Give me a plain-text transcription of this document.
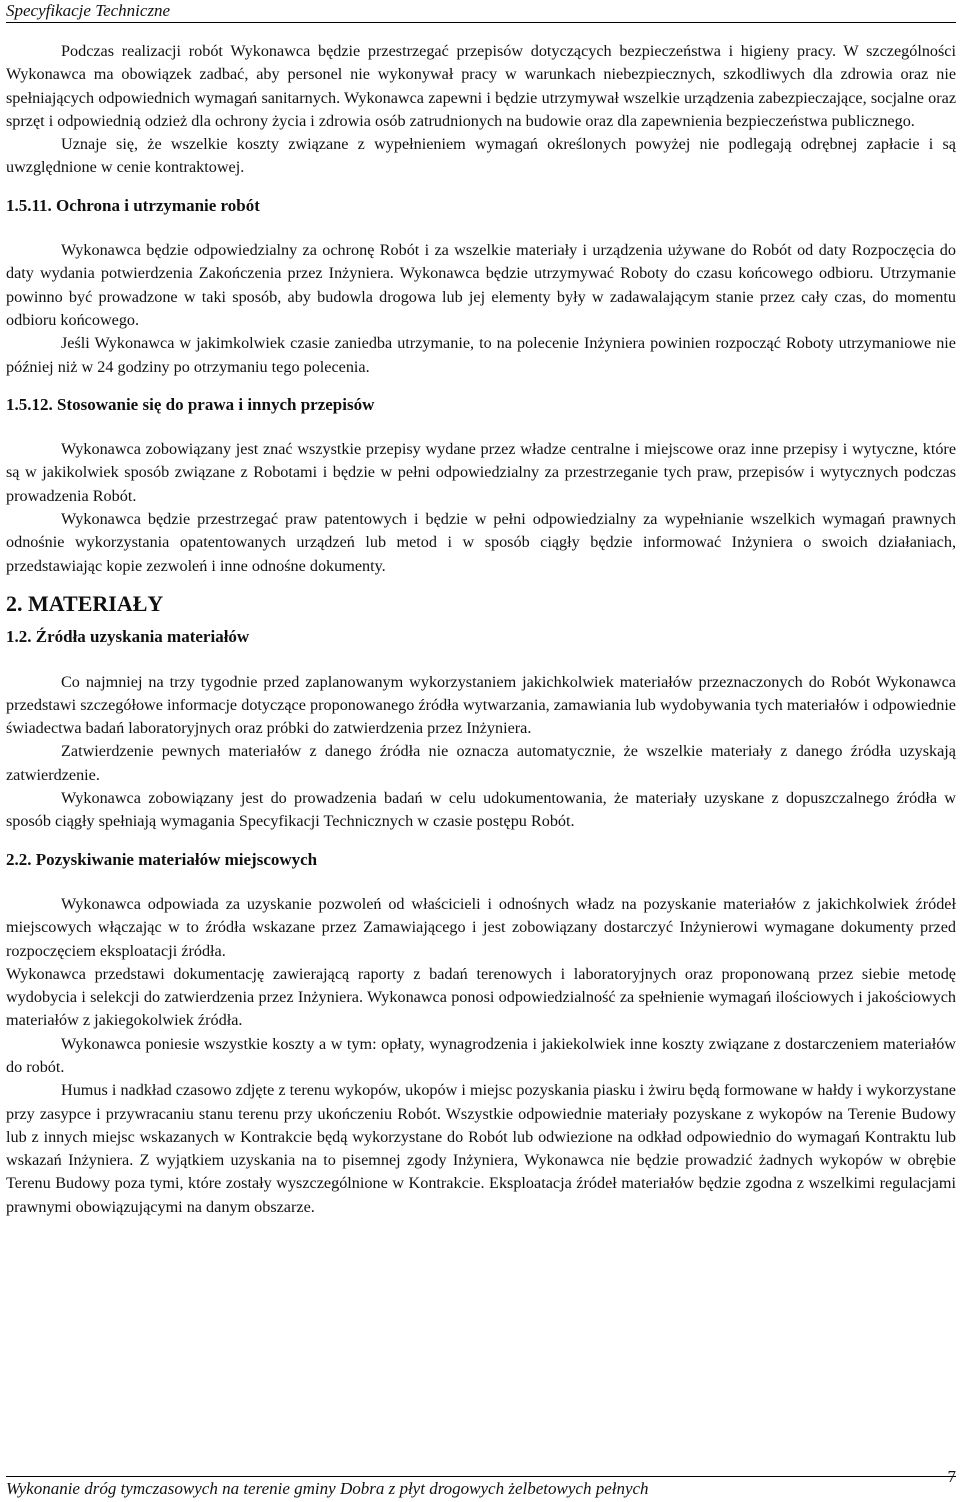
Specyfikacje Techniczne

Podczas realizacji robót Wykonawca będzie przestrzegać przepisów dotyczących bezpieczeństwa i higieny pracy. W szczególności Wykonawca ma obowiązek zadbać, aby personel nie wykonywał pracy w warunkach niebezpiecznych, szkodliwych dla zdrowia oraz nie spełniających odpowiednich wymagań sanitarnych. Wykonawca zapewni i będzie utrzymywał wszelkie urządzenia zabezpieczające, socjalne oraz sprzęt i odpowiednią odzież dla ochrony życia i zdrowia osób zatrudnionych na budowie oraz dla zapewnienia bezpieczeństwa publicznego.

Uznaje się, że wszelkie koszty związane z wypełnieniem wymagań określonych powyżej nie podlegają odrębnej zapłacie i są uwzględnione w cenie kontraktowej.

1.5.11. Ochrona i utrzymanie robót

Wykonawca będzie odpowiedzialny za ochronę Robót i za wszelkie materiały i urządzenia używane do Robót od daty Rozpoczęcia do daty wydania potwierdzenia Zakończenia przez Inżyniera. Wykonawca będzie utrzymywać Roboty do czasu końcowego odbioru. Utrzymanie powinno być prowadzone w taki sposób, aby budowla drogowa lub jej elementy były w zadawalającym stanie przez cały czas, do momentu odbioru końcowego.

Jeśli Wykonawca w jakimkolwiek czasie zaniedba utrzymanie, to na polecenie Inżyniera powinien rozpocząć Roboty utrzymaniowe nie później niż w 24 godziny po otrzymaniu tego polecenia.

1.5.12. Stosowanie się do prawa i innych przepisów

Wykonawca zobowiązany jest znać wszystkie przepisy wydane przez władze centralne i miejscowe oraz inne przepisy i wytyczne, które są w jakikolwiek sposób związane z Robotami i będzie w pełni odpowiedzialny za przestrzeganie tych praw, przepisów i wytycznych podczas prowadzenia Robót.

Wykonawca będzie przestrzegać praw patentowych i będzie w pełni odpowiedzialny za wypełnianie wszelkich wymagań prawnych odnośnie wykorzystania opatentowanych urządzeń lub metod i w sposób ciągły będzie informować Inżyniera o swoich działaniach, przedstawiając kopie zezwoleń i inne odnośne dokumenty.

2. MATERIAŁY

1.2. Źródła uzyskania materiałów

Co najmniej na trzy tygodnie przed zaplanowanym wykorzystaniem jakichkolwiek materiałów przeznaczonych do Robót Wykonawca przedstawi szczegółowe informacje dotyczące proponowanego źródła wytwarzania, zamawiania lub wydobywania tych materiałów i odpowiednie świadectwa badań laboratoryjnych oraz próbki do zatwierdzenia przez Inżyniera.

Zatwierdzenie pewnych materiałów z danego źródła nie oznacza automatycznie, że wszelkie materiały z danego źródła uzyskają zatwierdzenie.

Wykonawca zobowiązany jest do prowadzenia badań w celu udokumentowania, że materiały uzyskane z dopuszczalnego źródła w sposób ciągły spełniają wymagania Specyfikacji Technicznych w czasie postępu Robót.

2.2. Pozyskiwanie materiałów miejscowych

Wykonawca odpowiada za uzyskanie pozwoleń od właścicieli i odnośnych władz na pozyskanie materiałów z jakichkolwiek źródeł miejscowych włączając w to źródła wskazane przez Zamawiającego i jest zobowiązany dostarczyć Inżynierowi wymagane dokumenty przed rozpoczęciem eksploatacji źródła.

Wykonawca przedstawi dokumentację zawierającą raporty z badań terenowych i laboratoryjnych oraz proponowaną przez siebie metodę wydobycia i selekcji do zatwierdzenia przez Inżyniera. Wykonawca ponosi odpowiedzialność za spełnienie wymagań ilościowych i jakościowych materiałów z jakiegokolwiek źródła.

Wykonawca poniesie wszystkie koszty a w tym: opłaty, wynagrodzenia i jakiekolwiek inne koszty związane z dostarczeniem materiałów do robót.

Humus i nadkład czasowo zdjęte z terenu wykopów, ukopów i miejsc pozyskania piasku i żwiru będą formowane w hałdy i wykorzystane przy zasypce i przywracaniu stanu terenu przy ukończeniu Robót. Wszystkie odpowiednie materiały pozyskane z wykopów na Terenie Budowy lub z innych miejsc wskazanych w Kontrakcie będą wykorzystane do Robót lub odwiezione na odkład odpowiednio do wymagań Kontraktu lub wskazań Inżyniera. Z wyjątkiem uzyskania na to pisemnej zgody Inżyniera, Wykonawca nie będzie prowadzić żadnych wykopów w obrębie Terenu Budowy poza tymi, które zostały wyszczególnione w Kontrakcie. Eksploatacja źródeł materiałów będzie zgodna z wszelkimi regulacjami prawnymi obowiązującymi na danym obszarze.

Wykonanie dróg tymczasowych na terenie gminy Dobra z płyt drogowych żelbetowych pełnych
7
